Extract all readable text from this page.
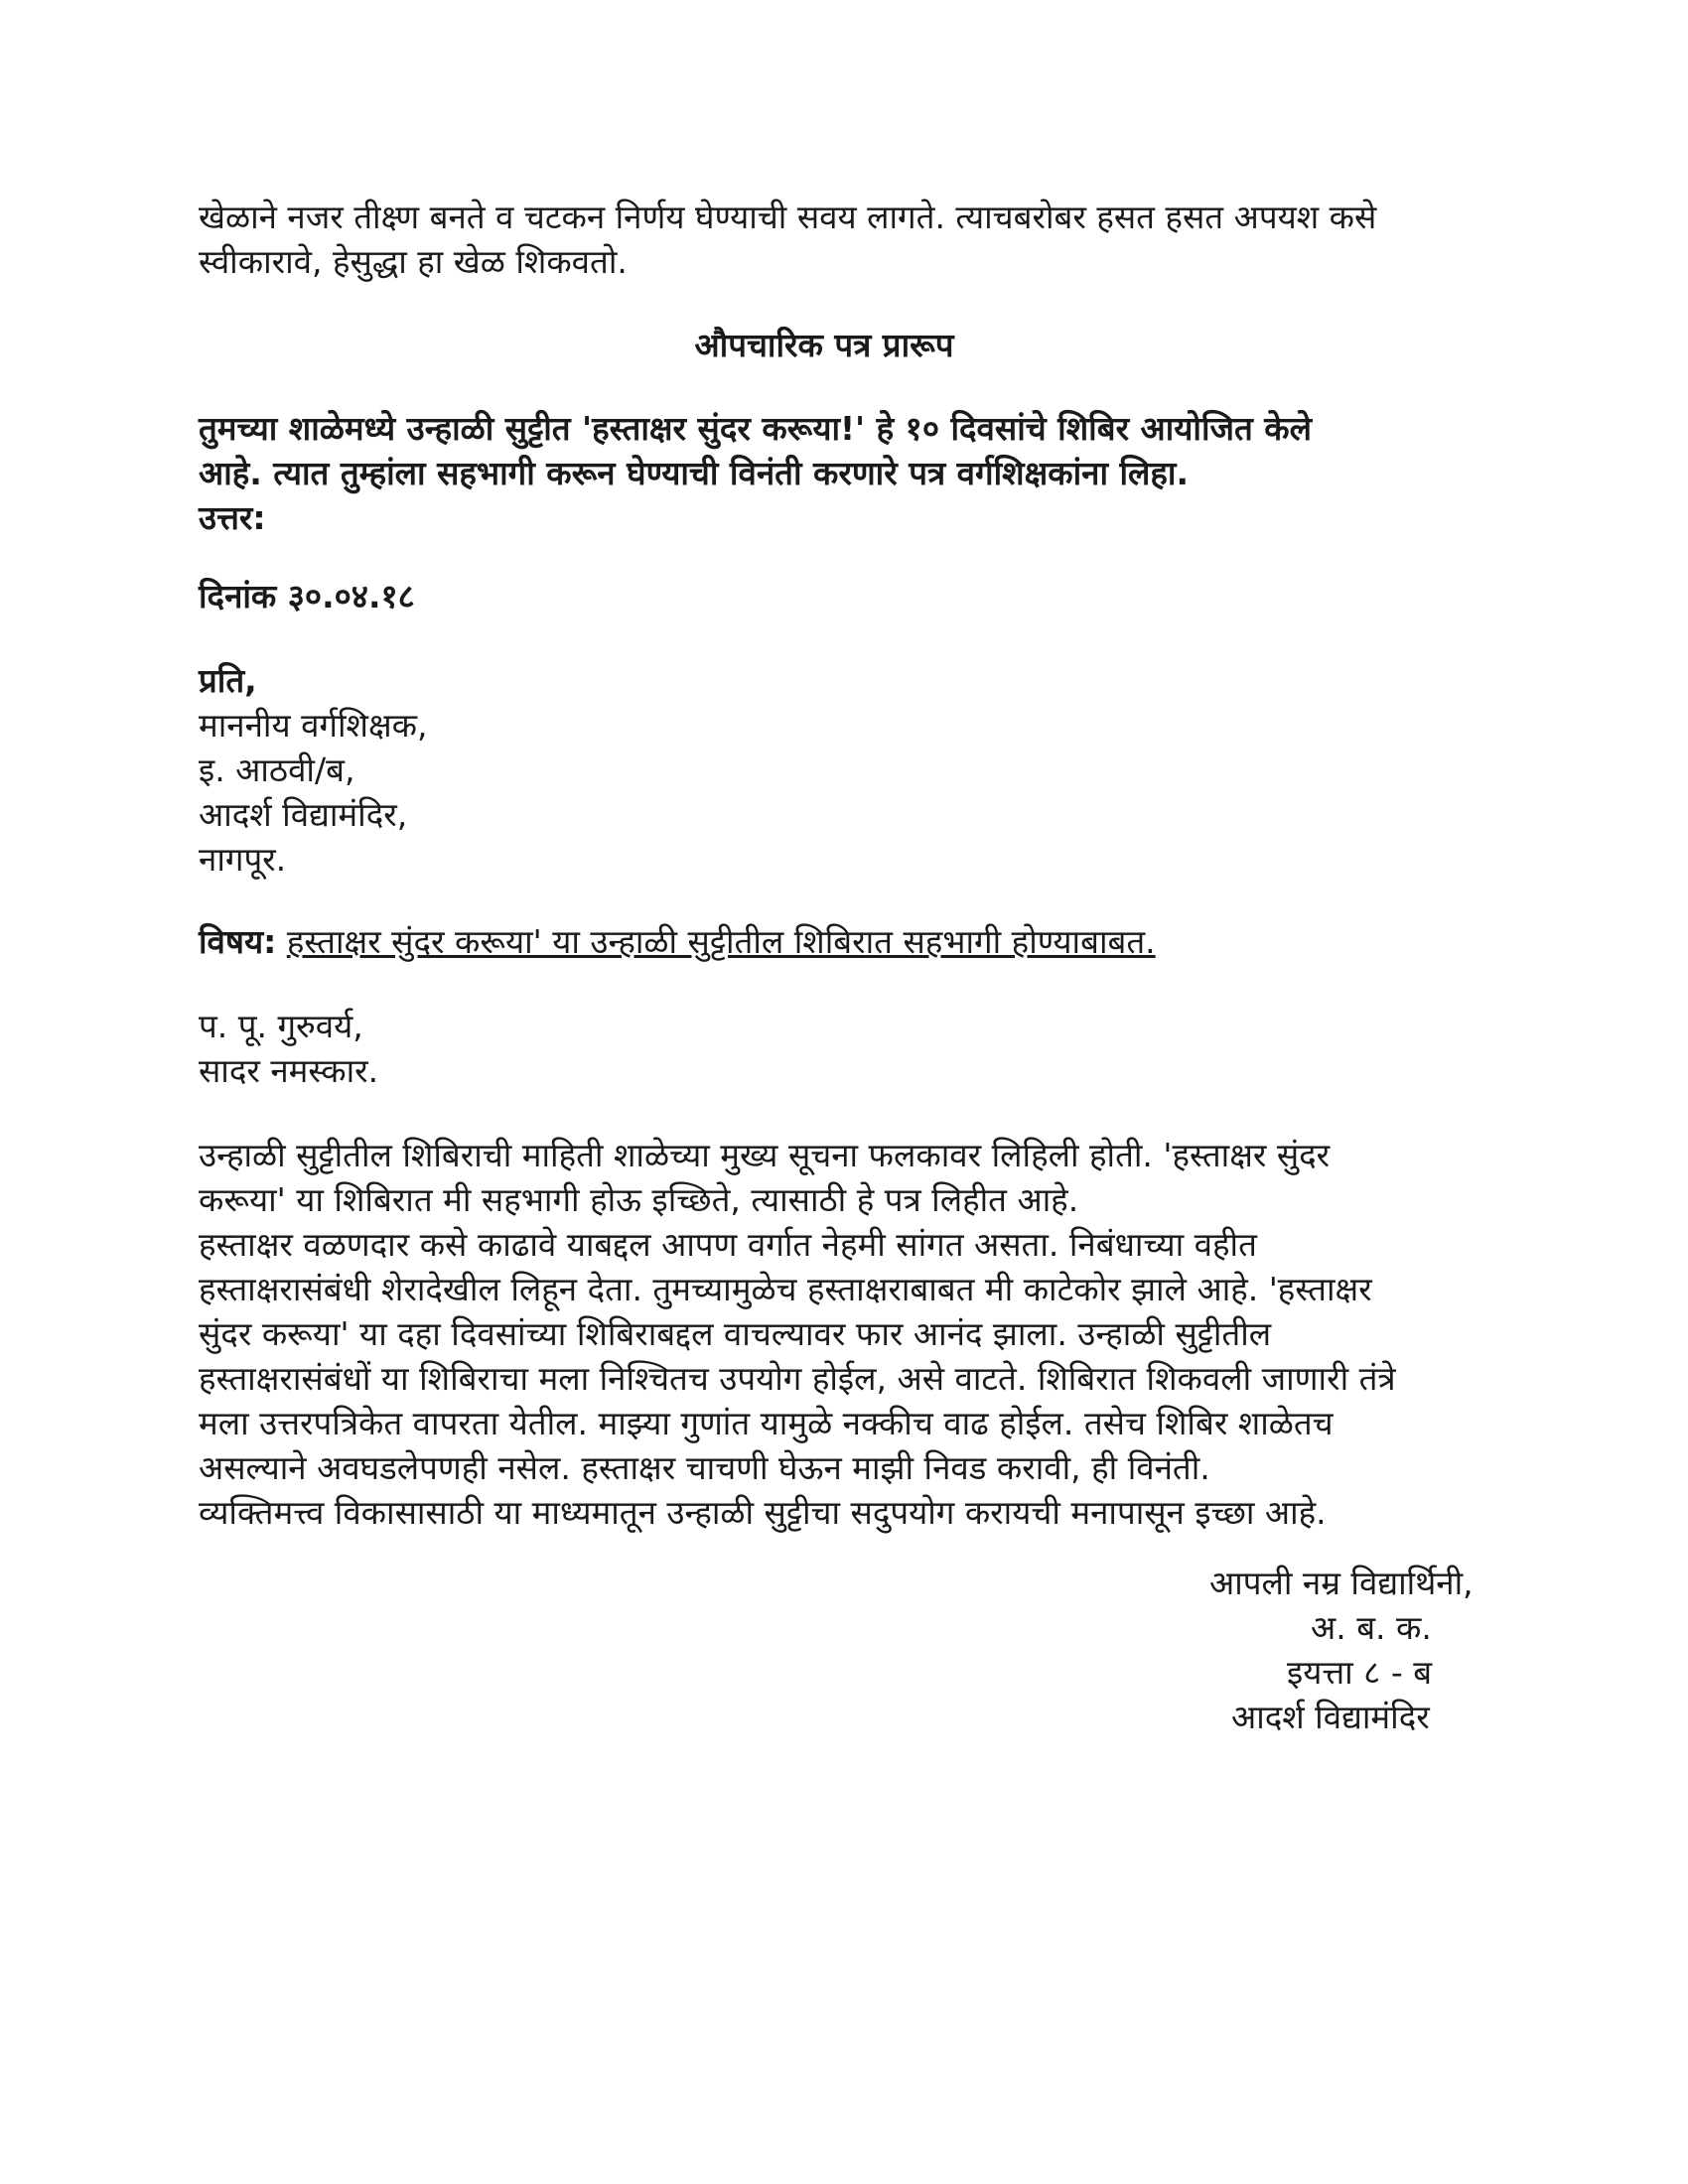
खेळाने नजर तीक्ष्ण बनते व चटकन निर्णय घेण्याची सवय लागते. त्याचबरोबर हसत हसत अपयश कसे
स्वीकारावे, हेसुद्धा हा खेळ शिकवतो.

औपचारिक पत्र प्रारूप
तुमच्या शाळेमध्ये उन्हाळी सुट्टीत 'हस्ताक्षर सुंदर करूया!' हे १० दिवसांचे शिबिर आयोजित केले
आहे. त्यात तुम्हांला सहभागी करून घेण्याची विनंती करणारे पत्र वर्गशिक्षकांना लिहा.
उत्तर:
दिनांक ३०.०४.१८
प्रति,
माननीय वर्गशिक्षक,
इ. आठवी/ब,
आदर्श विद्यामंदिर,
नागपूर.
विषय: हस्ताक्षर सुंदर करूया' या उन्हाळी सुट्टीतील शिबिरात सहभागी होण्याबाबत.
प. पू. गुरुवर्य,
सादर नमस्कार.
उन्हाळी सुट्टीतील शिबिराची माहिती शाळेच्या मुख्य सूचना फलकावर लिहिली होती. 'हस्ताक्षर सुंदर
करूया' या शिबिरात मी सहभागी होऊ इच्छिते, त्यासाठी हे पत्र लिहीत आहे.
हस्ताक्षर वळणदार कसे काढावे याबद्दल आपण वर्गात नेहमी सांगत असता. निबंधाच्या वहीत
हस्ताक्षरासंबंधी शेरादेखील लिहून देता. तुमच्यामुळेच हस्ताक्षराबाबत मी काटेकोर झाले आहे. 'हस्ताक्षर
सुंदर करूया' या दहा दिवसांच्या शिबिराबद्दल वाचल्यावर फार आनंद झाला. उन्हाळी सुट्टीतील
हस्ताक्षरासंबंधों या शिबिराचा मला निश्चितच उपयोग होईल, असे वाटते. शिबिरात शिकवली जाणारी तंत्रे
मला उत्तरपत्रिकेत वापरता येतील. माझ्या गुणांत यामुळे नक्कीच वाढ होईल. तसेच शिबिर शाळेतच
असल्याने अवघडलेपणही नसेल. हस्ताक्षर चाचणी घेऊन माझी निवड करावी, ही विनंती.
व्यक्तिमत्त्व विकासासाठी या माध्यमातून उन्हाळी सुट्टीचा सदुपयोग करायची मनापासून इच्छा आहे.
आपली नम्र विद्यार्थिनी,
अ. ब. क.
इयत्ता ८ - ब
आदर्श विद्यामंदिर
